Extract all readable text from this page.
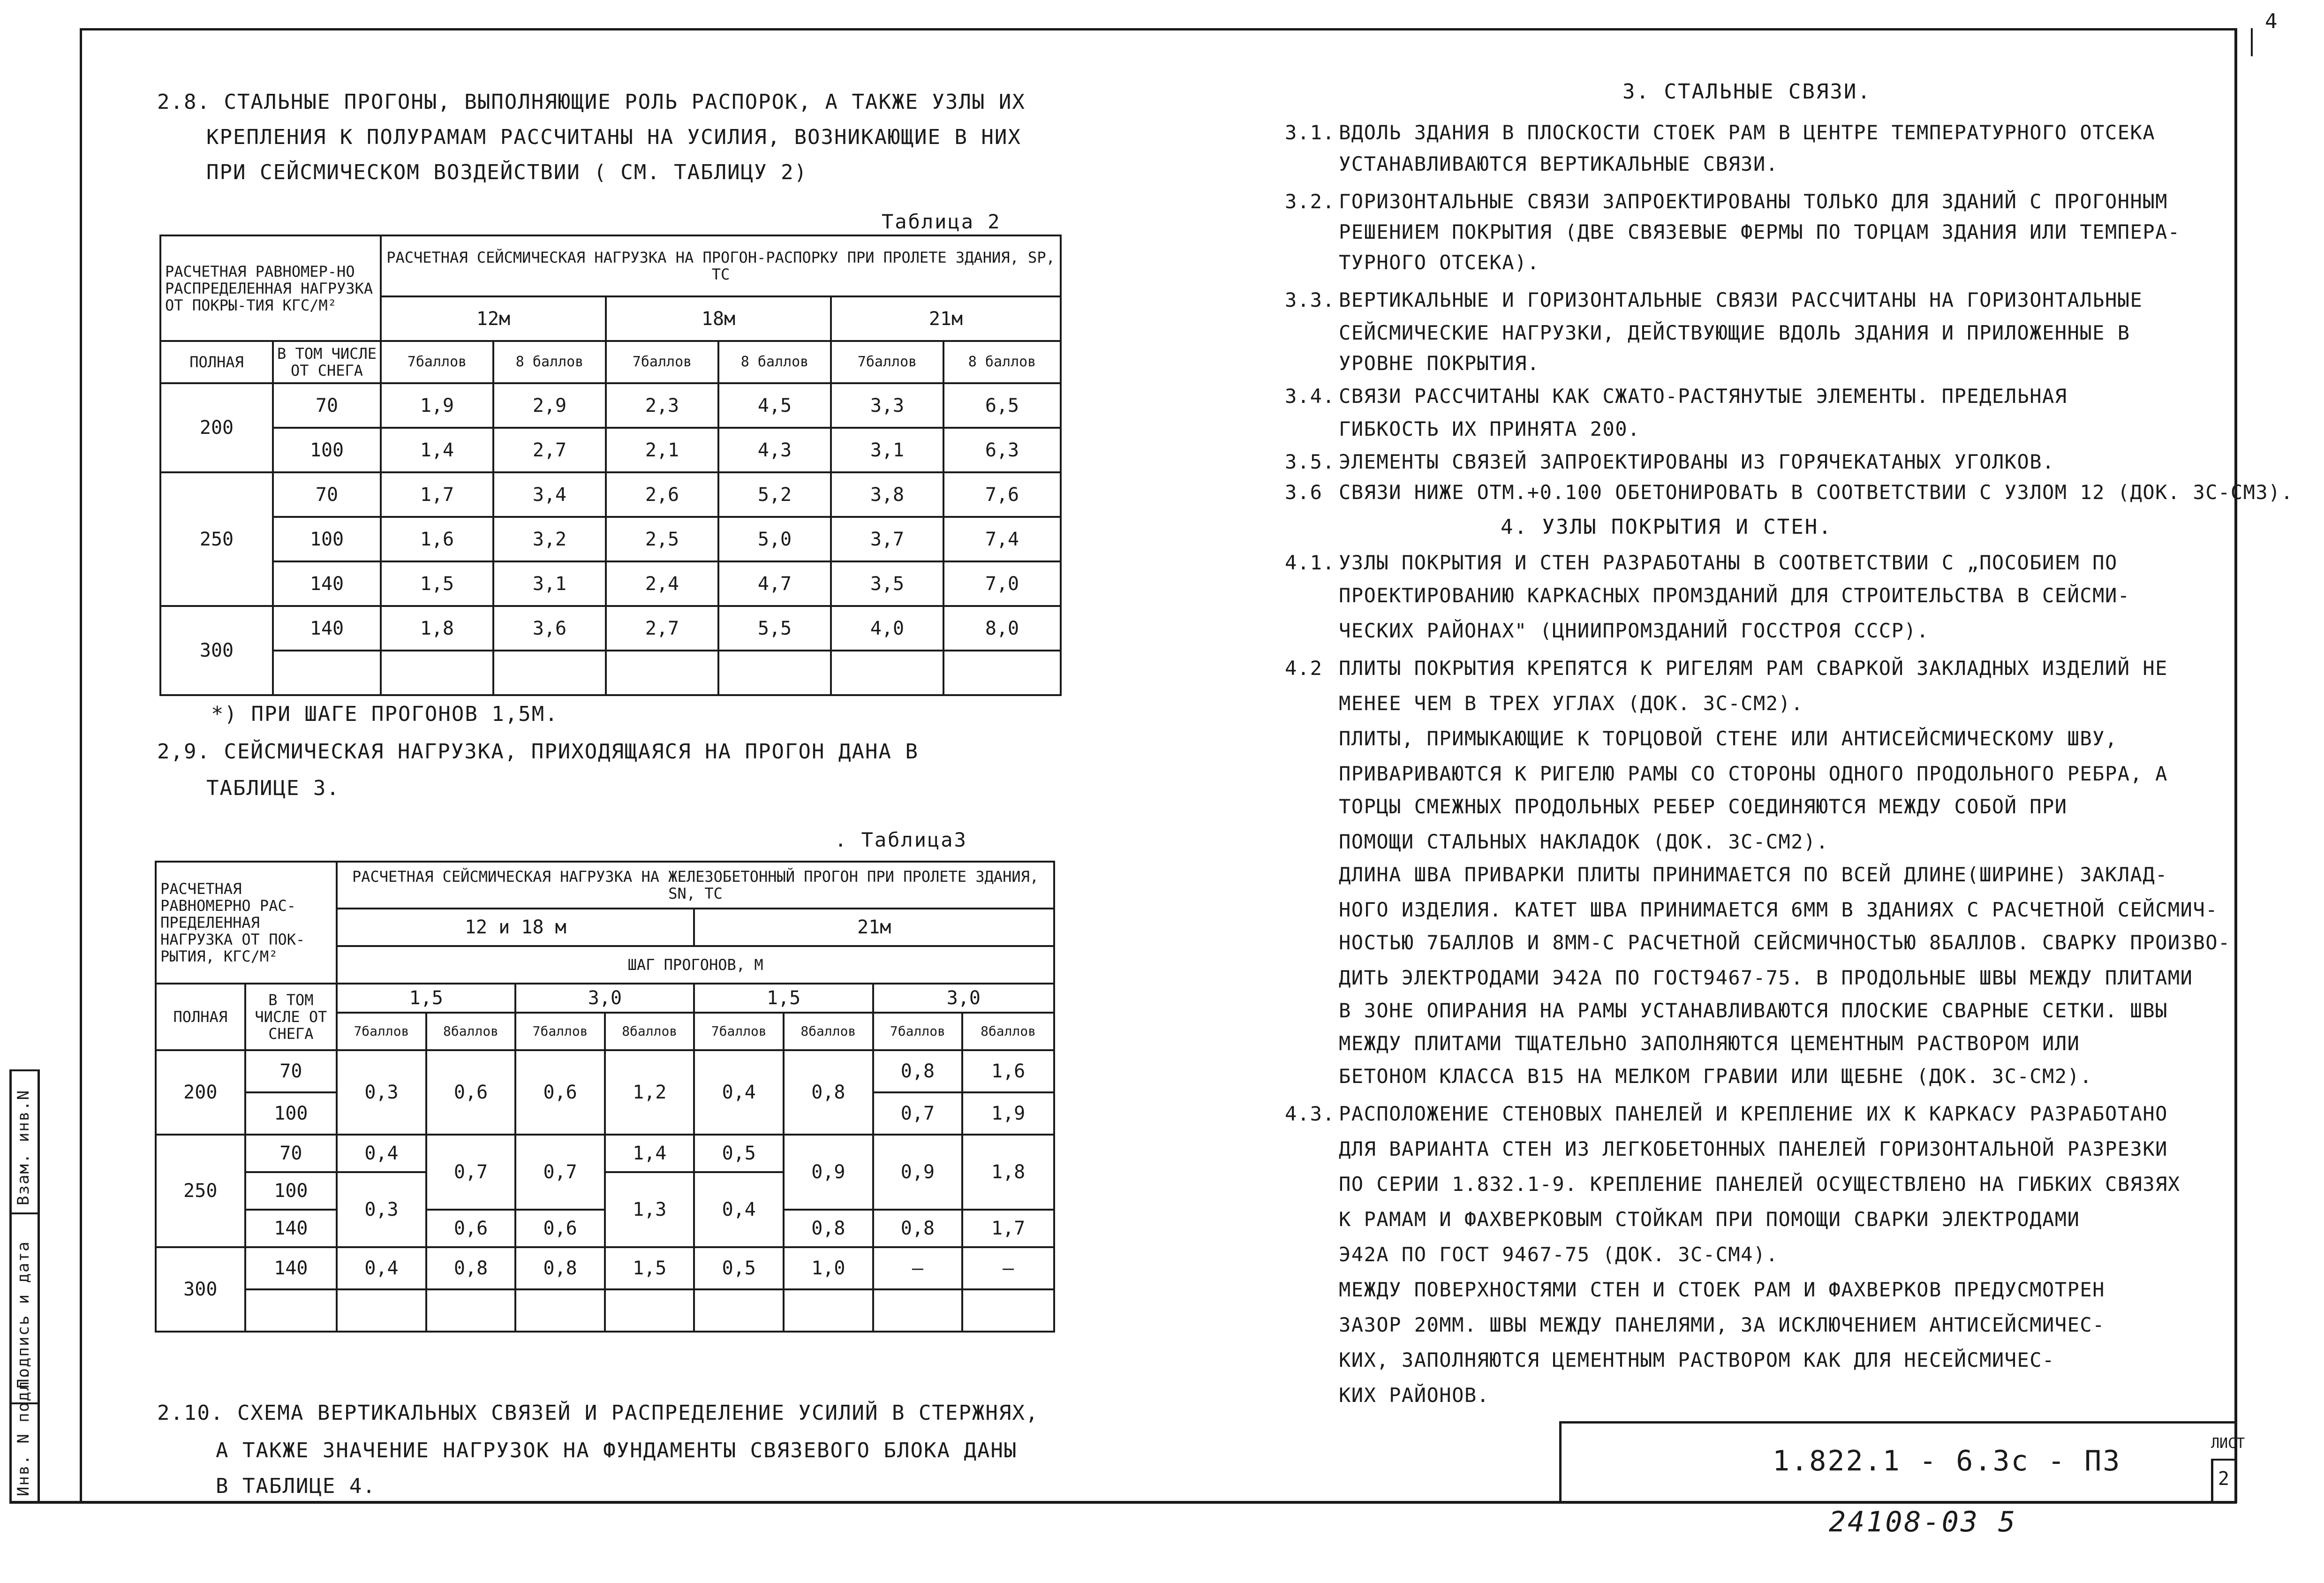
4
Инв. N подл.
Подпись и дата
Взам. инв.N
2.8. СТАЛЬНЫЕ ПРОГОНЫ, ВЫПОЛНЯЮЩИЕ РОЛЬ РАСПОРОК, А ТАКЖЕ УЗЛЫ ИХ
КРЕПЛЕНИЯ К ПОЛУРАМАМ РАССЧИТАНЫ НА УСИЛИЯ, ВОЗНИКАЮЩИЕ В НИХ
ПРИ СЕЙСМИЧЕСКОМ ВОЗДЕЙСТВИИ ( СМ. ТАБЛИЦУ 2)
Таблица 2
РАСЧЕТНАЯ РАВНОМЕР-НО РАСПРЕДЕЛЕННАЯ НАГРУЗКА ОТ ПОКРЫ-ТИЯ КГС/М²		РАСЧЕТНАЯ СЕЙСМИЧЕСКАЯ НАГРУЗКА НА ПРОГОН-РАСПОРКУ ПРИ ПРОЛЕТЕ ЗДАНИЯ, SP, ТС					
		12м		18м		21м	
ПОЛНАЯ	В ТОМ ЧИСЛЕ ОТ СНЕГА	7баллов	8 баллов	7баллов	8 баллов	7баллов	8 баллов
200	70	1,9	2,9	2,3	4,5	3,3	6,5
	100	1,4	2,7	2,1	4,3	3,1	6,3
250	70	1,7	3,4	2,6	5,2	3,8	7,6
	100	1,6	3,2	2,5	5,0	3,7	7,4
	140	1,5	3,1	2,4	4,7	3,5	7,0
300	140	1,8	3,6	2,7	5,5	4,0	8,0

*) ПРИ ШАГЕ ПРОГОНОВ 1,5М.
2,9. СЕЙСМИЧЕСКАЯ НАГРУЗКА, ПРИХОДЯЩАЯСЯ НА ПРОГОН ДАНА В
ТАБЛИЦЕ 3.
. Таблица3
РАСЧЕТНАЯ РАВНОМЕРНО РАС-ПРЕДЕЛЕННАЯ НАГРУЗКА ОТ ПОК-РЫТИЯ, КГС/М²		РАСЧЕТНАЯ СЕЙСМИЧЕСКАЯ НАГРУЗКА НА ЖЕЛЕЗОБЕТОННЫЙ ПРОГОН ПРИ ПРОЛЕТЕ ЗДАНИЯ, SN, ТС							
		12 и 18 м				21м			
		ШАГ ПРОГОНОВ, М							
ПОЛНАЯ	В ТОМ ЧИСЛЕ ОТ СНЕГА	1,5		3,0		1,5		3,0	
		7баллов	8баллов	7баллов	8баллов	7баллов	8баллов	7баллов	8баллов
200	70	0,3	0,6	0,6	1,2	0,4	0,8	0,8	1,6
	100							0,7	1,9
250	70	0,4	0,7	0,7	1,4	0,5	0,9	0,9	1,8
	100	0,3			1,3	0,4			
	140		0,6	0,6			0,8	0,8	1,7
300	140	0,4	0,8	0,8	1,5	0,5	1,0	—	—

2.10. СХЕМА ВЕРТИКАЛЬНЫХ СВЯЗЕЙ И РАСПРЕДЕЛЕНИЕ УСИЛИЙ В СТЕРЖНЯХ,
А ТАКЖЕ ЗНАЧЕНИЕ НАГРУЗОК НА ФУНДАМЕНТЫ СВЯЗЕВОГО БЛОКА ДАНЫ
В ТАБЛИЦЕ 4.
3. СТАЛЬНЫЕ СВЯЗИ.
3.1. ВДОЛЬ ЗДАНИЯ В ПЛОСКОСТИ СТОЕК РАМ В ЦЕНТРЕ ТЕМПЕРАТУРНОГО ОТСЕКА
УСТАНАВЛИВАЮТСЯ ВЕРТИКАЛЬНЫЕ СВЯЗИ.
3.2. ГОРИЗОНТАЛЬНЫЕ СВЯЗИ ЗАПРОЕКТИРОВАНЫ ТОЛЬКО ДЛЯ ЗДАНИЙ С ПРОГОННЫМ
РЕШЕНИЕМ ПОКРЫТИЯ (ДВЕ СВЯЗЕВЫЕ ФЕРМЫ ПО ТОРЦАМ ЗДАНИЯ ИЛИ ТЕМПЕРА-
ТУРНОГО ОТСЕКА).
3.3. ВЕРТИКАЛЬНЫЕ И ГОРИЗОНТАЛЬНЫЕ СВЯЗИ РАССЧИТАНЫ НА ГОРИЗОНТАЛЬНЫЕ
СЕЙСМИЧЕСКИЕ НАГРУЗКИ, ДЕЙСТВУЮЩИЕ ВДОЛЬ ЗДАНИЯ И ПРИЛОЖЕННЫЕ В
УРОВНЕ ПОКРЫТИЯ.
3.4. СВЯЗИ РАССЧИТАНЫ КАК СЖАТО-РАСТЯНУТЫЕ ЭЛЕМЕНТЫ. ПРЕДЕЛЬНАЯ
ГИБКОСТЬ ИХ ПРИНЯТА 200.
3.5. ЭЛЕМЕНТЫ СВЯЗЕЙ ЗАПРОЕКТИРОВАНЫ ИЗ ГОРЯЧЕКАТАНЫХ УГОЛКОВ.
3.6 СВЯЗИ НИЖЕ ОТМ.+0.100 ОБЕТОНИРОВАТЬ В СООТВЕТСТВИИ С УЗЛОМ 12 (ДОК. 3С-СМ3).
4. УЗЛЫ ПОКРЫТИЯ И СТЕН.
4.1. УЗЛЫ ПОКРЫТИЯ И СТЕН РАЗРАБОТАНЫ В СООТВЕТСТВИИ С „ПОСОБИЕМ ПО
ПРОЕКТИРОВАНИЮ КАРКАСНЫХ ПРОМЗДАНИЙ ДЛЯ СТРОИТЕЛЬСТВА В СЕЙСМИ-
ЧЕСКИХ РАЙОНАХ" (ЦНИИПРОМЗДАНИЙ ГОССТРОЯ СССР).
4.2 ПЛИТЫ ПОКРЫТИЯ КРЕПЯТСЯ К РИГЕЛЯМ РАМ СВАРКОЙ ЗАКЛАДНЫХ ИЗДЕЛИЙ НЕ
МЕНЕЕ ЧЕМ В ТРЕХ УГЛАХ (ДОК. 3С-СМ2).
ПЛИТЫ, ПРИМЫКАЮЩИЕ К ТОРЦОВОЙ СТЕНЕ ИЛИ АНТИСЕЙСМИЧЕСКОМУ ШВУ,
ПРИВАРИВАЮТСЯ К РИГЕЛЮ РАМЫ СО СТОРОНЫ ОДНОГО ПРОДОЛЬНОГО РЕБРА, А
ТОРЦЫ СМЕЖНЫХ ПРОДОЛЬНЫХ РЕБЕР СОЕДИНЯЮТСЯ МЕЖДУ СОБОЙ ПРИ
ПОМОЩИ СТАЛЬНЫХ НАКЛАДОК (ДОК. 3С-СМ2).
ДЛИНА ШВА ПРИВАРКИ ПЛИТЫ ПРИНИМАЕТСЯ ПО ВСЕЙ ДЛИНЕ(ШИРИНЕ) ЗАКЛАД-
НОГО ИЗДЕЛИЯ. КАТЕТ ШВА ПРИНИМАЕТСЯ 6ММ В ЗДАНИЯХ С РАСЧЕТНОЙ СЕЙСМИЧ-
НОСТЬЮ 7БАЛЛОВ И 8ММ-С РАСЧЕТНОЙ СЕЙСМИЧНОСТЬЮ 8БАЛЛОВ. СВАРКУ ПРОИЗВО-
ДИТЬ ЭЛЕКТРОДАМИ Э42А ПО ГОСТ9467-75. В ПРОДОЛЬНЫЕ ШВЫ МЕЖДУ ПЛИТАМИ
В ЗОНЕ ОПИРАНИЯ НА РАМЫ УСТАНАВЛИВАЮТСЯ ПЛОСКИЕ СВАРНЫЕ СЕТКИ. ШВЫ
МЕЖДУ ПЛИТАМИ ТЩАТЕЛЬНО ЗАПОЛНЯЮТСЯ ЦЕМЕНТНЫМ РАСТВОРОМ ИЛИ
БЕТОНОМ КЛАССА В15 НА МЕЛКОМ ГРАВИИ ИЛИ ЩЕБНЕ (ДОК. 3С-СМ2).
4.3. РАСПОЛОЖЕНИЕ СТЕНОВЫХ ПАНЕЛЕЙ И КРЕПЛЕНИЕ ИХ К КАРКАСУ РАЗРАБОТАНО
ДЛЯ ВАРИАНТА СТЕН ИЗ ЛЕГКОБЕТОННЫХ ПАНЕЛЕЙ ГОРИЗОНТАЛЬНОЙ РАЗРЕЗКИ
ПО СЕРИИ 1.832.1-9. КРЕПЛЕНИЕ ПАНЕЛЕЙ ОСУЩЕСТВЛЕНО НА ГИБКИХ СВЯЗЯХ
К РАМАМ И ФАХВЕРКОВЫМ СТОЙКАМ ПРИ ПОМОЩИ СВАРКИ ЭЛЕКТРОДАМИ
Э42А ПО ГОСТ 9467-75 (ДОК. 3С-СМ4).
МЕЖДУ ПОВЕРХНОСТЯМИ СТЕН И СТОЕК РАМ И ФАХВЕРКОВ ПРЕДУСМОТРЕН
ЗАЗОР 20ММ. ШВЫ МЕЖДУ ПАНЕЛЯМИ, ЗА ИСКЛЮЧЕНИЕМ АНТИСЕЙСМИЧЕС-
КИХ, ЗАПОЛНЯЮТСЯ ЦЕМЕНТНЫМ РАСТВОРОМ КАК ДЛЯ НЕСЕЙСМИЧЕС-
КИХ РАЙОНОВ.
1.822.1 - 6.3с - ПЗ
ЛИСТ
2
24108-03 5
